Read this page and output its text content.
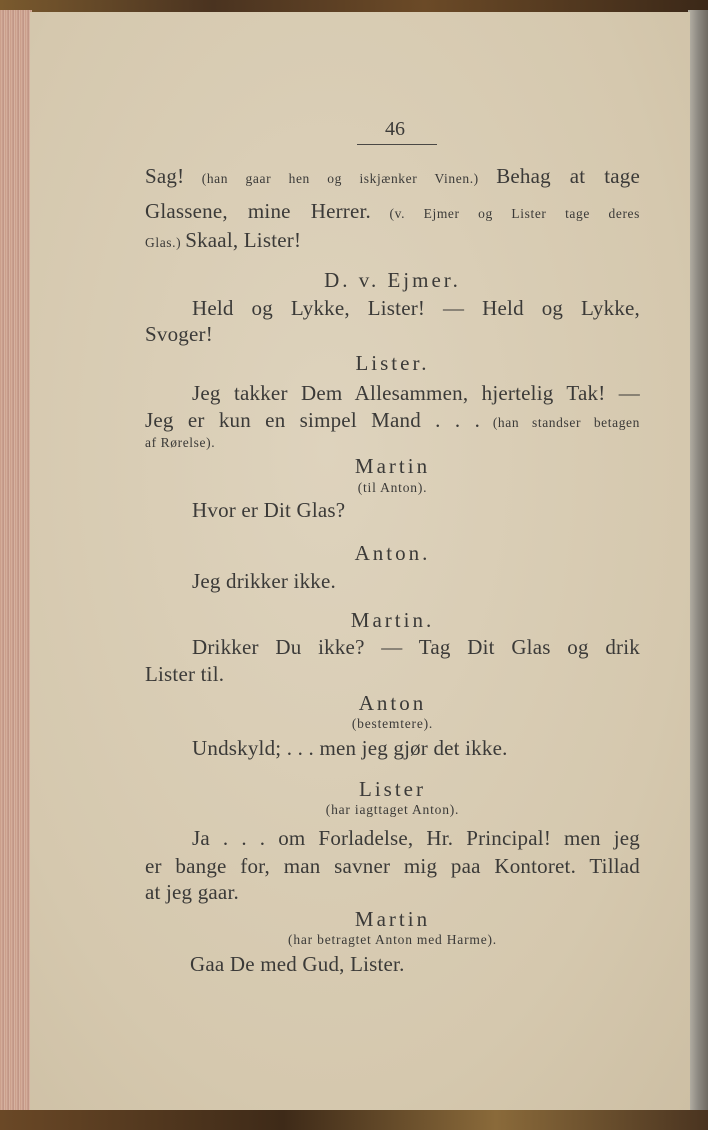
46
Sag! (han gaar hen og iskjænker Vinen.) Behag at tage
Glassene, mine Herrer. (v. Ejmer og Lister tage deres
Glas.) Skaal, Lister!
D. v. Ejmer.
Held og Lykke, Lister! — Held og Lykke,
Svoger!
Lister.
Jeg takker Dem Allesammen, hjertelig Tak! —
Jeg er kun en simpel Mand . . . (han standser betagen
af Rørelse).
Martin
(til Anton).
Hvor er Dit Glas?
Anton.
Jeg drikker ikke.
Martin.
Drikker Du ikke? — Tag Dit Glas og drik
Lister til.
Anton
(bestemtere).
Undskyld; . . . men jeg gjør det ikke.
Lister
(har iagttaget Anton).
Ja . . . om Forladelse, Hr. Principal! men jeg
er bange for, man savner mig paa Kontoret. Tillad
at jeg gaar.
Martin
(har betragtet Anton med Harme).
Gaa De med Gud, Lister.
